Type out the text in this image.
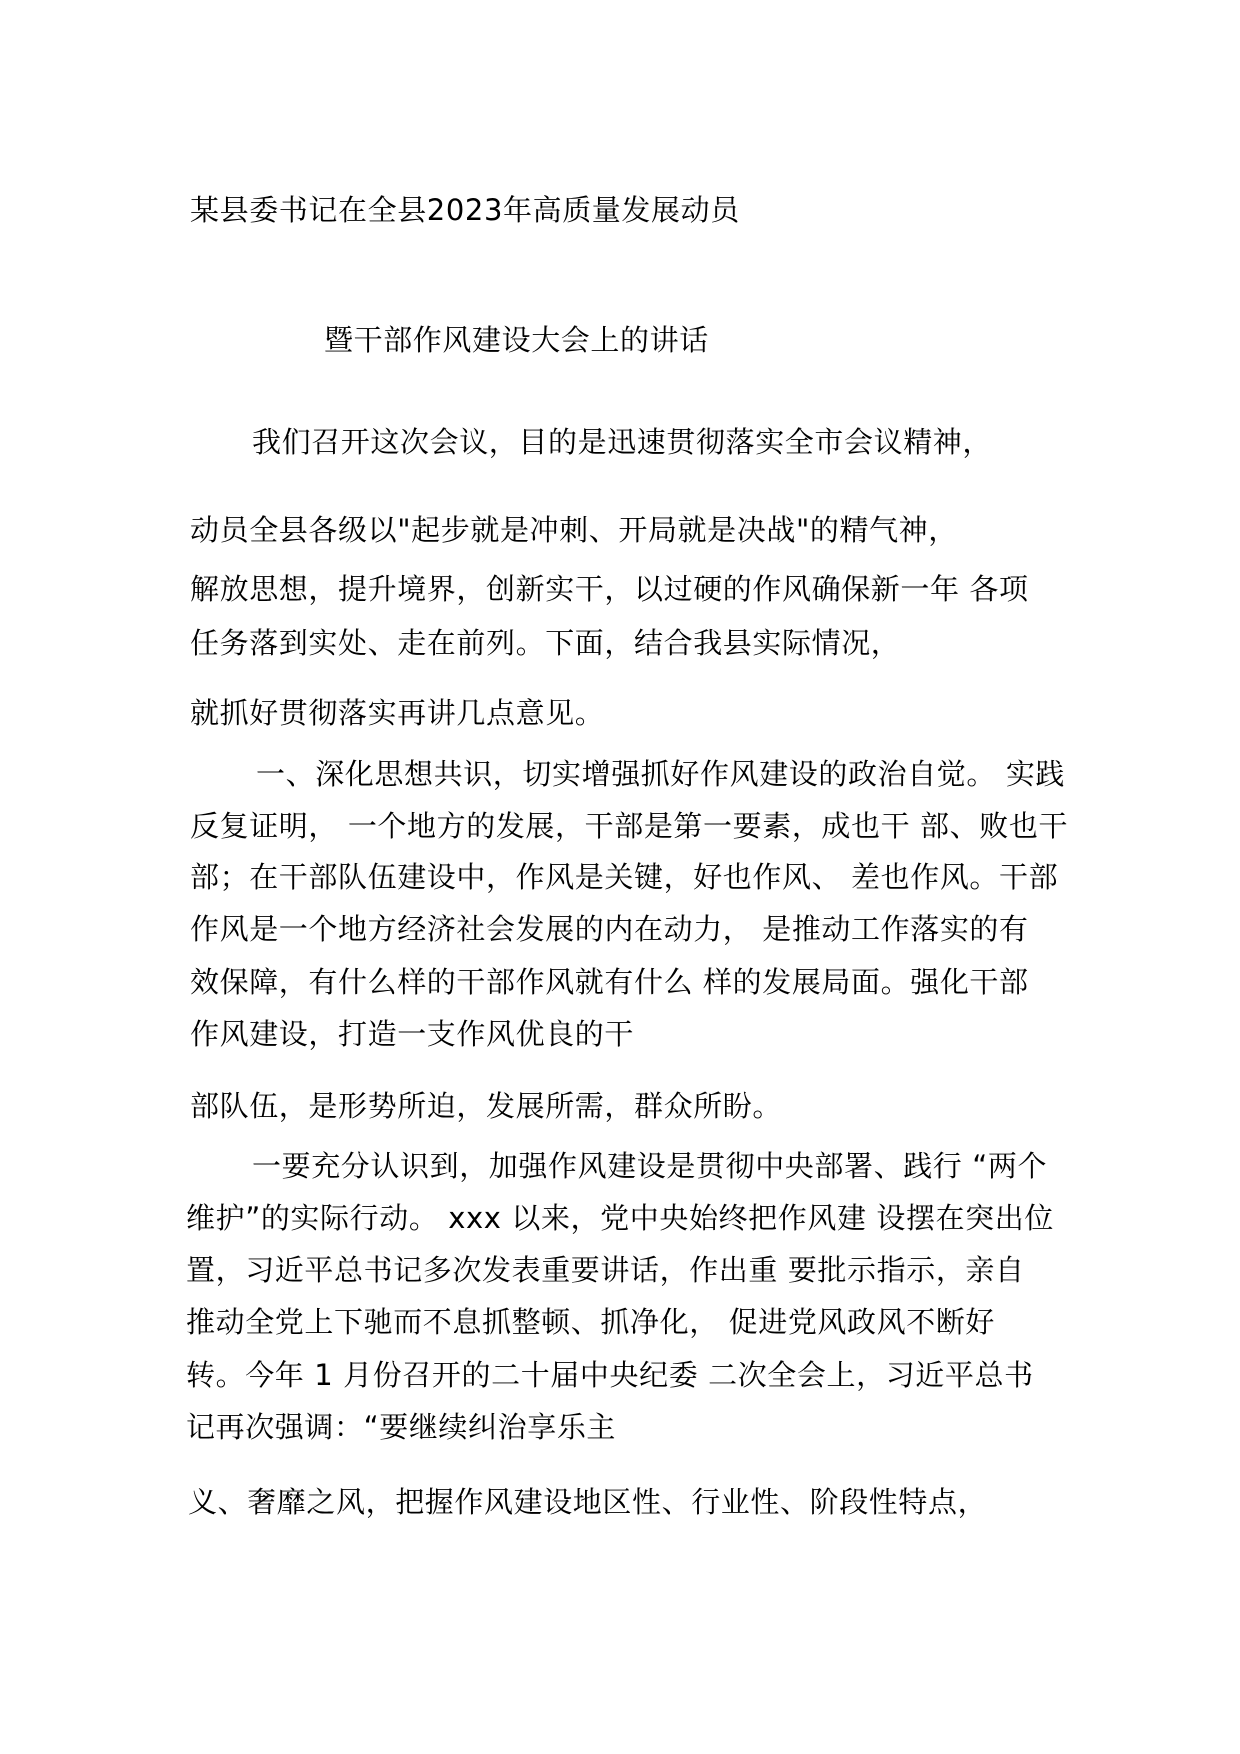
某县委书记在全县2023年高质量发展动员
暨干部作风建设大会上的讲话
我们召开这次会议，目的是迅速贯彻落实全市会议精神，
动员全县各级以"起步就是冲刺、开局就是决战"的精气神，
解放思想，提升境界，创新实干，以过硬的作风确保新一年 各项
任务落到实处、走在前列。下面，结合我县实际情况，
就抓好贯彻落实再讲几点意见。
一、深化思想共识，切实增强抓好作风建设的政治自觉。 实践
反复证明， 一个地方的发展，干部是第一要素，成也干 部、败也干
部；在干部队伍建设中，作风是关键，好也作风、 差也作风。干部
作风是一个地方经济社会发展的内在动力， 是推动工作落实的有
效保障，有什么样的干部作风就有什么 样的发展局面。强化干部
作风建设，打造一支作风优良的干
部队伍，是形势所迫，发展所需，群众所盼。
一要充分认识到，加强作风建设是贯彻中央部署、践行 “两个
维护”的实际行动。 xxx 以来，党中央始终把作风建 设摆在突出位
置，习近平总书记多次发表重要讲话，作出重 要批示指示，亲自
推动全党上下驰而不息抓整顿、抓净化， 促进党风政风不断好
转。今年 1 月份召开的二十届中央纪委 二次全会上，习近平总书
记再次强调：“要继续纠治享乐主
义、奢靡之风，把握作风建设地区性、行业性、阶段性特点，
